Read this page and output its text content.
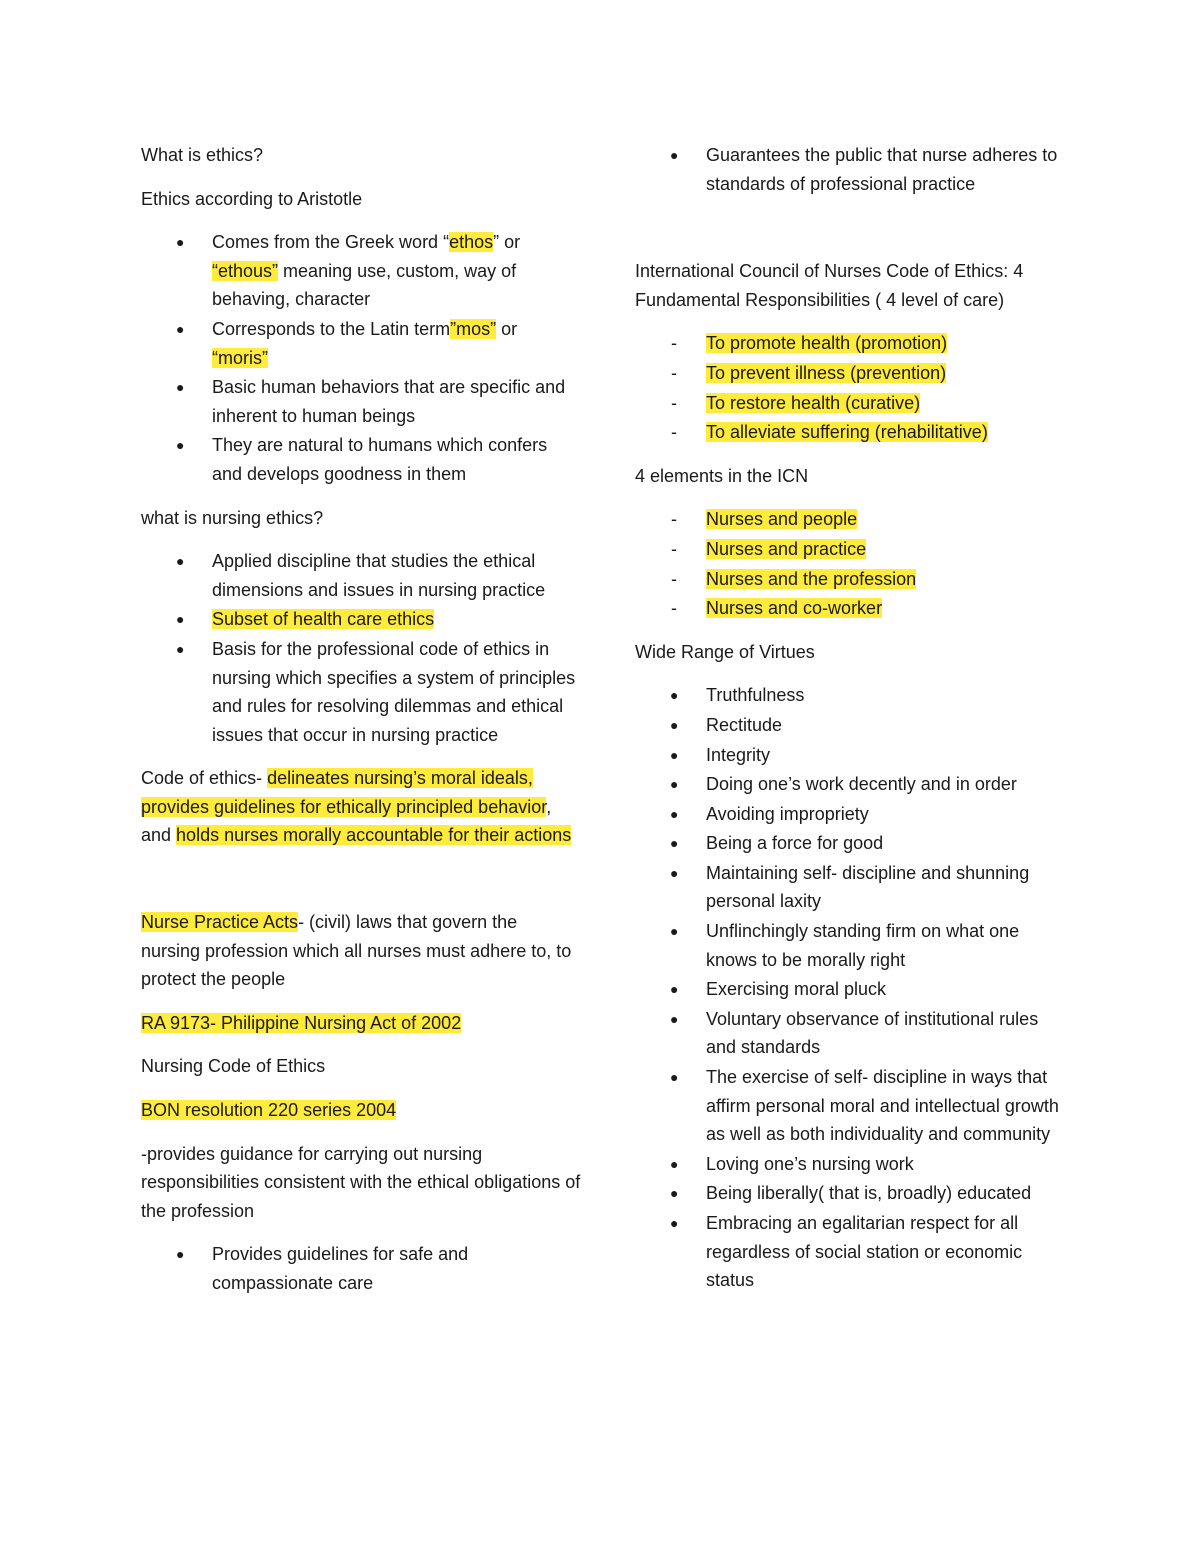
What is ethics?

Ethics according to Aristotle

● Comes from the Greek word “ethos” or
“ethous” meaning use, custom, way of behaving, character
● Corresponds to the Latin term”mos” or
“moris”
● Basic human behaviors that are specific and inherent to human beings
● They are natural to humans which confers and develops goodness in them

what is nursing ethics?

● Applied discipline that studies the ethical dimensions and issues in nursing practice
● Subset of health care ethics
● Basis for the professional code of ethics in nursing which specifies a system of principles and rules for resolving dilemmas and ethical issues that occur in nursing practice

Code of ethics- delineates nursing’s moral ideals, provides guidelines for ethically principled behavior, and holds nurses morally accountable for their actions

Nurse Practice Acts- (civil) laws that govern the nursing profession which all nurses must adhere to, to protect the people

RA 9173- Philippine Nursing Act of 2002

Nursing Code of Ethics

BON resolution 220 series 2004

-provides guidance for carrying out nursing responsibilities consistent with the ethical obligations of the profession

● Provides guidelines for safe and compassionate care
● Guarantees the public that nurse adheres to standards of professional practice

International Council of Nurses Code of Ethics: 4 Fundamental Responsibilities ( 4 level of care)

- To promote health (promotion)
- To prevent illness (prevention)
- To restore health (curative)
- To alleviate suffering (rehabilitative)

4 elements in the ICN

- Nurses and people
- Nurses and practice
- Nurses and the profession
- Nurses and co-worker

Wide Range of Virtues

● Truthfulness
● Rectitude
● Integrity
● Doing one’s work decently and in order
● Avoiding impropriety
● Being a force for good
● Maintaining self- discipline and shunning personal laxity
● Unflinchingly standing firm on what one knows to be morally right
● Exercising moral pluck
● Voluntary observance of institutional rules and standards
● The exercise of self- discipline in ways that affirm personal moral and intellectual growth as well as both individuality and community
● Loving one’s nursing work
● Being liberally( that is, broadly) educated
● Embracing an egalitarian respect for all regardless of social station or economic status
